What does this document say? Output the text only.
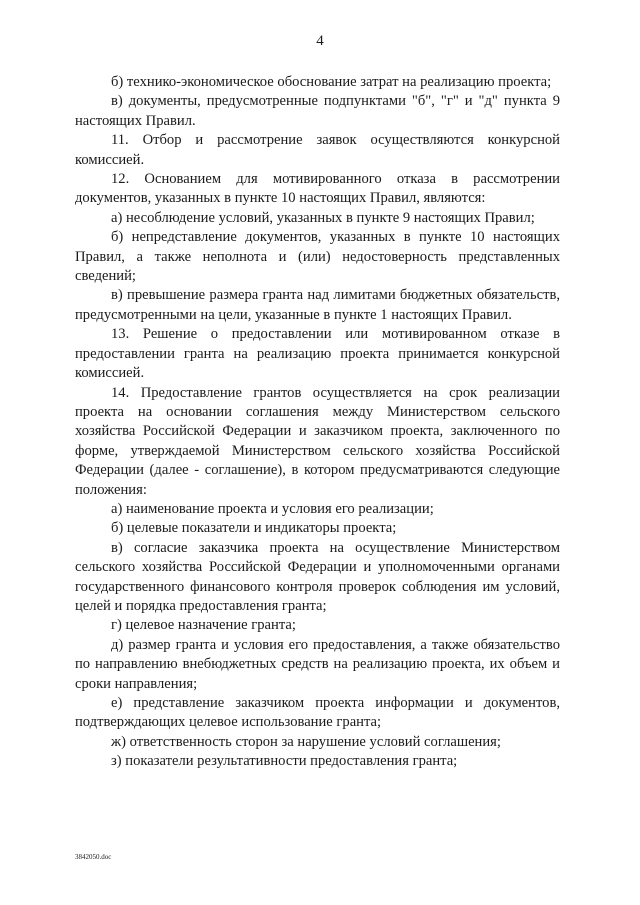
4

б) технико-экономическое обоснование затрат на реализацию проекта;

в) документы, предусмотренные подпунктами "б", "г" и "д" пункта 9 настоящих Правил.

11. Отбор и рассмотрение заявок осуществляются конкурсной комиссией.

12. Основанием для мотивированного отказа в рассмотрении документов, указанных в пункте 10 настоящих Правил, являются:

а) несоблюдение условий, указанных в пункте 9 настоящих Правил;

б) непредставление документов, указанных в пункте 10 настоящих Правил, а также неполнота и (или) недостоверность представленных сведений;

в) превышение размера гранта над лимитами бюджетных обязательств, предусмотренными на цели, указанные в пункте 1 настоящих Правил.

13. Решение о предоставлении или мотивированном отказе в предоставлении гранта на реализацию проекта принимается конкурсной комиссией.

14. Предоставление грантов осуществляется на срок реализации проекта на основании соглашения между Министерством сельского хозяйства Российской Федерации и заказчиком проекта, заключенного по форме, утверждаемой Министерством сельского хозяйства Российской Федерации (далее - соглашение), в котором предусматриваются следующие положения:

а) наименование проекта и условия его реализации;

б) целевые показатели и индикаторы проекта;

в) согласие заказчика проекта на осуществление Министерством сельского хозяйства Российской Федерации и уполномоченными органами государственного финансового контроля проверок соблюдения им условий, целей и порядка предоставления гранта;

г) целевое назначение гранта;

д) размер гранта и условия его предоставления, а также обязательство по направлению внебюджетных средств на реализацию проекта, их объем и сроки направления;

е) представление заказчиком проекта информации и документов, подтверждающих целевое использование гранта;

ж) ответственность сторон за нарушение условий соглашения;

з) показатели результативности предоставления гранта;

3842050.doc
